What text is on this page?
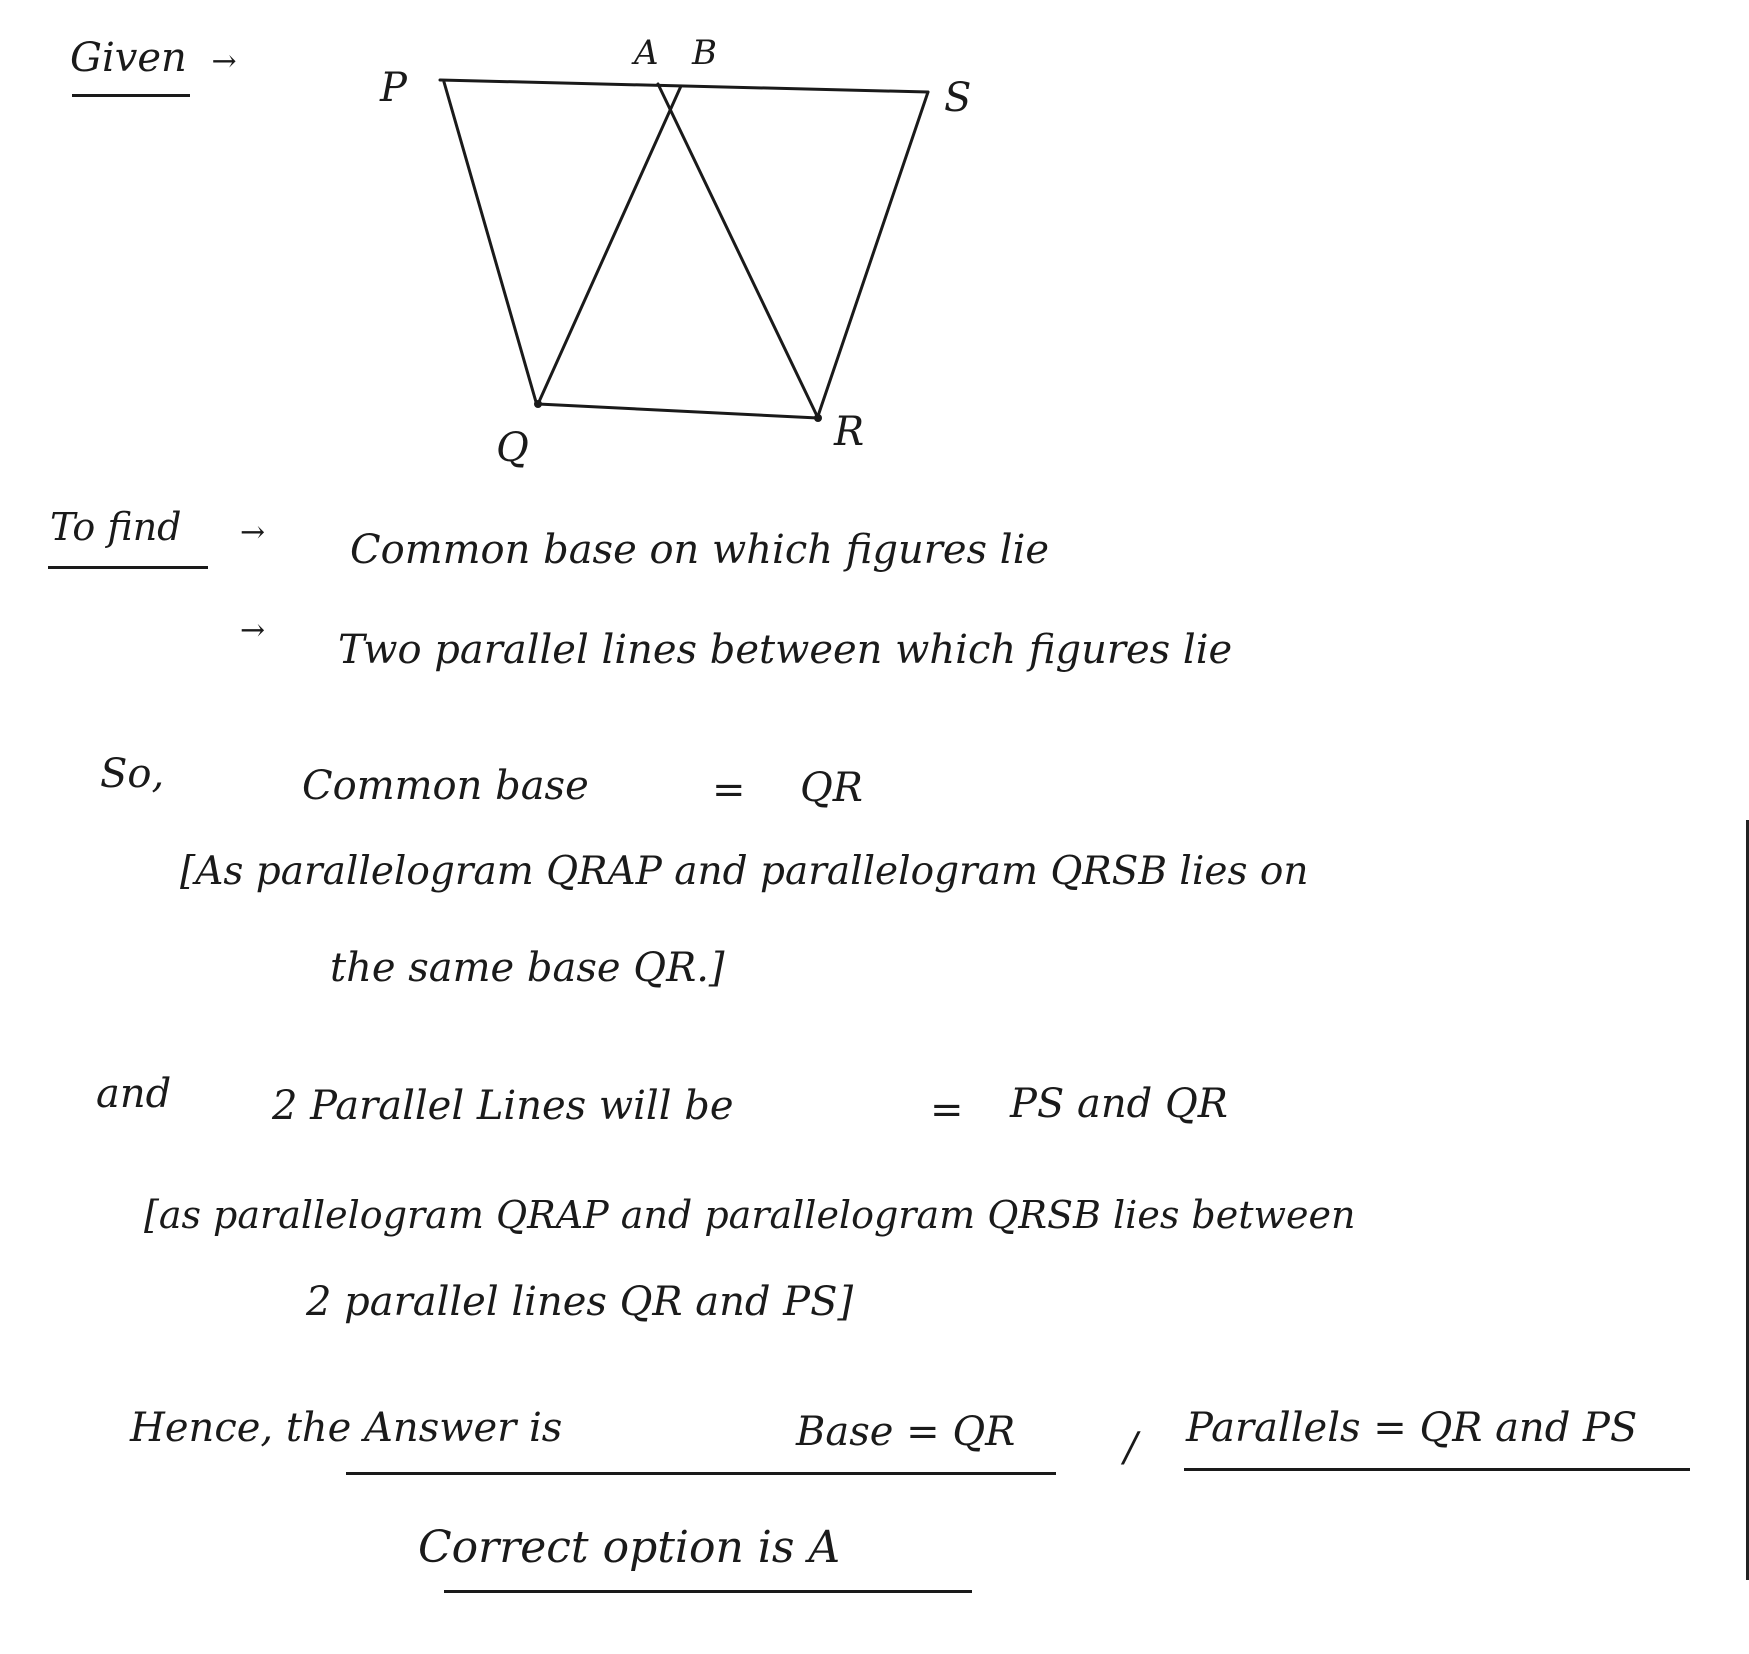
Given →
P
A B
S
Q	R
To find → Common base on which figures lie
→ Two parallel lines between which figures lie
So,	Common base	= QR
[As parallelogram QRAP and parallelogram QRSB lies on
the same base QR.]
and	2 Parallel Lines will be	= PS and QR
[as parallelogram QRAP and parallelogram QRSB lies between
2 parallel lines QR and PS]
Hence, the Answer is	Base = QR	/ Parallels = QR and PS
Correct option is A
